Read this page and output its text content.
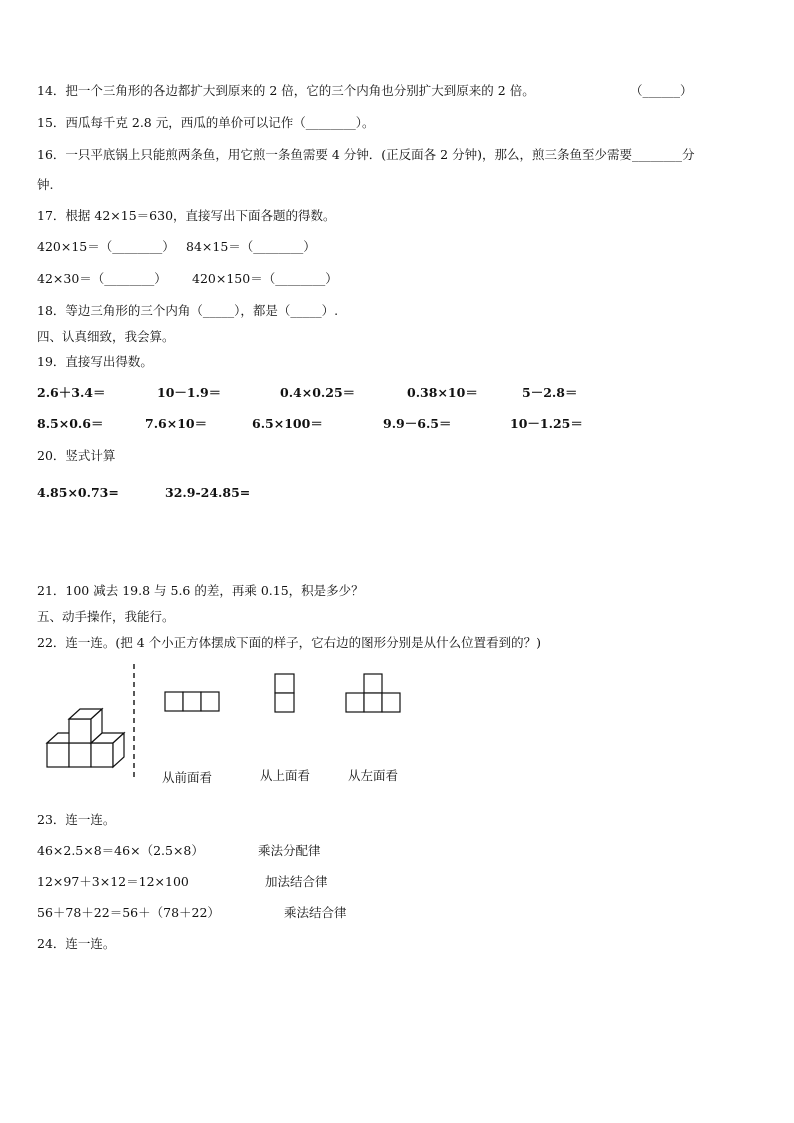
14．把一个三角形的各边都扩大到原来的 2 倍，它的三个内角也分别扩大到原来的 2 倍。	（______）
15．西瓜每千克 2.8 元，西瓜的单价可以记作（________）。
16．一只平底锅上只能煎两条鱼，用它煎一条鱼需要 4 分钟．(正反面各 2 分钟)，那么，煎三条鱼至少需要________分
钟.
17．根据 42×15＝630，直接写出下面各题的得数。
420×15＝（________） 84×15＝（________）
42×30＝（________） 420×150＝（________）
18．等边三角形的三个内角（_____），都是（_____）.
四、认真细致，我会算。
19．直接写出得数。
2.6＋3.4＝	10－1.9＝	0.4×0.25＝	0.38×10＝	5－2.8＝
8.5×0.6＝	7.6×10＝	6.5×100＝	9.9－6.5＝	10－1.25＝
20．竖式计算
4.85×0.73=	32.9-24.85=
21．100 减去 19.8 与 5.6 的差，再乘 0.15，积是多少？
五、动手操作，我能行。
22．连一连。(把 4 个小正方体摆成下面的样子，它右边的图形分别是从什么位置看到的？)
从前面看	从上面看	从左面看
23．连一连。
46×2.5×8＝46×（2.5×8）	乘法分配律
12×97＋3×12＝12×100	加法结合律
56＋78＋22＝56＋（78＋22）	乘法结合律
24．连一连。
